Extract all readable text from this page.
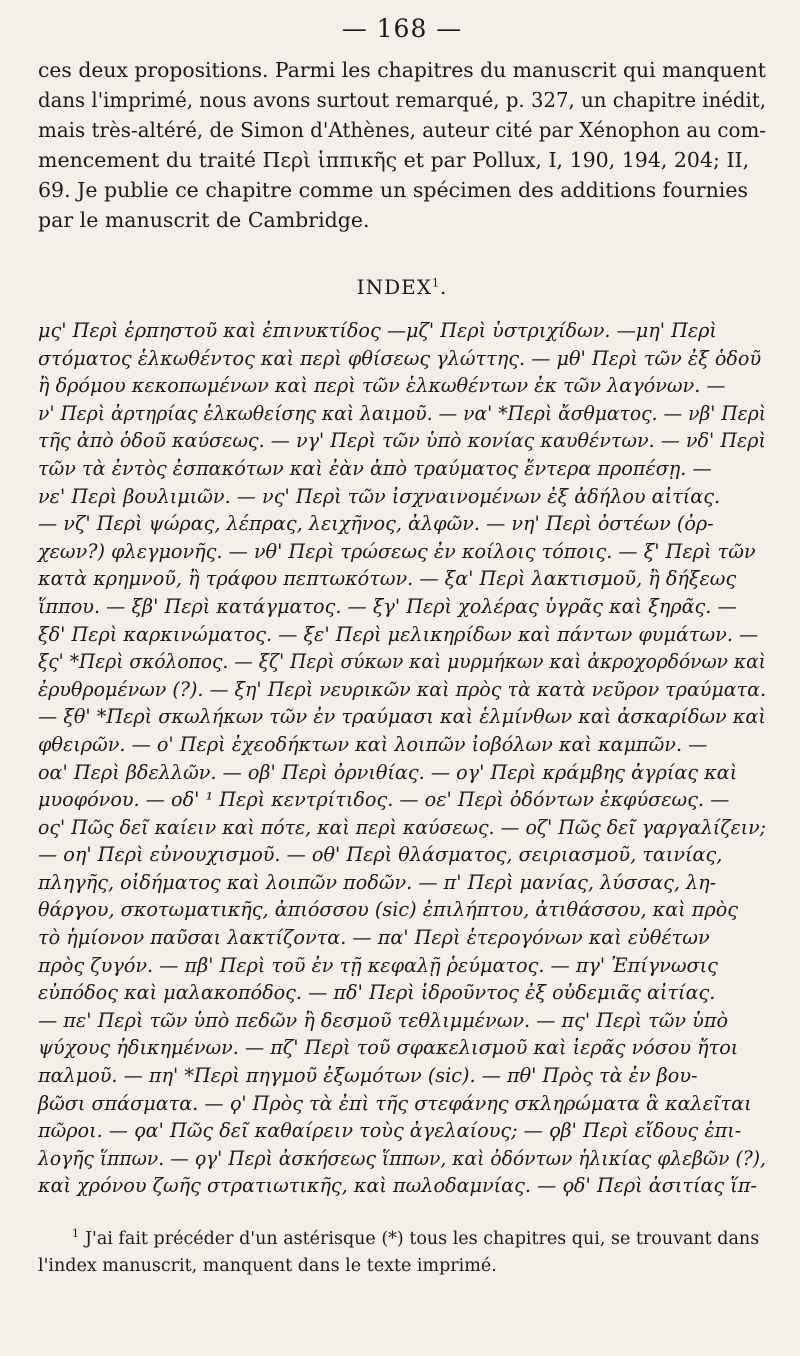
— 168 —

ces deux propositions. Parmi les chapitres du manuscrit qui manquent
dans l'imprimé, nous avons surtout remarqué, p. 327, un chapitre inédit,
mais très-altéré, de Simon d'Athènes, auteur cité par Xénophon au com-
mencement du traité Περὶ ἱππικῆς et par Pollux, I, 190, 194, 204; II,
69. Je publie ce chapitre comme un spécimen des additions fournies
par le manuscrit de Cambridge.

INDEX$^1$.
μς' Περὶ ἑρπηστοῦ καὶ ἐπινυκτίδος —μζ' Περὶ ὑστριχίδων. —μη' Περὶ
στόματος ἑλκωθέντος καὶ περὶ φθίσεως γλώττης. — μθ' Περὶ τῶν ἐξ ὁδοῦ
ἢ δρόμου κεκοπωμένων καὶ περὶ τῶν ἑλκωθέντων ἐκ τῶν λαγόνων. —
ν' Περὶ ἀρτηρίας ἑλκωθείσης καὶ λαιμοῦ. — να' *Περὶ ἄσθματος. — νβ' Περὶ
τῆς ἀπὸ ὁδοῦ καύσεως. — νγ' Περὶ τῶν ὑπὸ κονίας καυθέντων. — νδ' Περὶ
τῶν τὰ ἐντὸς ἐσπακότων καὶ ἐὰν ἀπὸ τραύματος ἔντερα προπέσῃ. —
νε' Περὶ βουλιμιῶν. — νς' Περὶ τῶν ἰσχναινομένων ἐξ ἀδήλου αἰτίας.
— νζ' Περὶ ψώρας, λέπρας, λειχῆνος, ἀλφῶν. — νη' Περὶ ὀστέων (ὀρ-
χεων?) φλεγμονῆς. — νθ' Περὶ τρώσεως ἐν κοίλοις τόποις. — ξ' Περὶ τῶν
κατὰ κρημνοῦ, ἢ τράφου πεπτωκότων. — ξα' Περὶ λακτισμοῦ, ἢ δήξεως
ἵππου. — ξβ' Περὶ κατάγματος. — ξγ' Περὶ χολέρας ὑγρᾶς καὶ ξηρᾶς. —
ξδ' Περὶ καρκινώματος. — ξε' Περὶ μελικηρίδων καὶ πάντων φυμάτων. —
ξς' *Περὶ σκόλοπος. — ξζ' Περὶ σύκων καὶ μυρμήκων καὶ ἀκροχορδόνων καὶ
ἐρυθρομένων (?). — ξη' Περὶ νευρικῶν καὶ πρὸς τὰ κατὰ νεῦρον τραύματα.
— ξθ' *Περὶ σκωλήκων τῶν ἐν τραύμασι καὶ ἑλμίνθων καὶ ἀσκαρίδων καὶ
φθειρῶν. — ο' Περὶ ἐχεοδήκτων καὶ λοιπῶν ἰοβόλων καὶ καμπῶν. —
οα' Περὶ βδελλῶν. — οβ' Περὶ ὀρνιθίας. — ογ' Περὶ κράμβης ἀγρίας καὶ
μυοφόνου. — οδ' ¹ Περὶ κεντρίτιδος. — οε' Περὶ ὀδόντων ἐκφύσεως. —
ος' Πῶς δεῖ καίειν καὶ πότε, καὶ περὶ καύσεως. — οζ' Πῶς δεῖ γαργαλίζειν;
— οη' Περὶ εὐνουχισμοῦ. — οθ' Περὶ θλάσματος, σειριασμοῦ, ταινίας,
πληγῆς, οἰδήματος καὶ λοιπῶν ποδῶν. — π' Περὶ μανίας, λύσσας, λη-
θάργου, σκοτωματικῆς, ἀπιόσσου (sic) ἐπιλήπτου, ἀτιθάσσου, καὶ πρὸς
τὸ ἡμίονον παῦσαι λακτίζοντα. — πα' Περὶ ἑτερογόνων καὶ εὐθέτων
πρὸς ζυγόν. — πβ' Περὶ τοῦ ἐν τῇ κεφαλῇ ῥεύματος. — πγ' Ἐπίγνωσις
εὐπόδος καὶ μαλακοπόδος. — πδ' Περὶ ἱδροῦντος ἐξ οὐδεμιᾶς αἰτίας.
— πε' Περὶ τῶν ὑπὸ πεδῶν ἢ δεσμοῦ τεθλιμμένων. — πς' Περὶ τῶν ὑπὸ
ψύχους ἠδικημένων. — πζ' Περὶ τοῦ σφακελισμοῦ καὶ ἱερᾶς νόσου ἤτοι
παλμοῦ. — πη' *Περὶ πηγμοῦ ἐξωμότων (sic). — πθ' Πρὸς τὰ ἐν βου-
βῶσι σπάσματα. — ϙ' Πρὸς τὰ ἐπὶ τῆς στεφάνης σκληρώματα ἃ καλεῖται
πῶροι. — ϙα' Πῶς δεῖ καθαίρειν τοὺς ἀγελαίους; — ϙβ' Περὶ εἴδους ἐπι-
λογῆς ἵππων. — ϙγ' Περὶ ἀσκήσεως ἵππων, καὶ ὀδόντων ἡλικίας φλεβῶν (?),
καὶ χρόνου ζωῆς στρατιωτικῆς, καὶ πωλοδαμνίας. — ϙδ' Περὶ ἀσιτίας ἵπ-
$^1$ J'ai fait précéder d'un astérisque (*) tous les chapitres qui, se trouvant dans
l'index manuscrit, manquent dans le texte imprimé.
